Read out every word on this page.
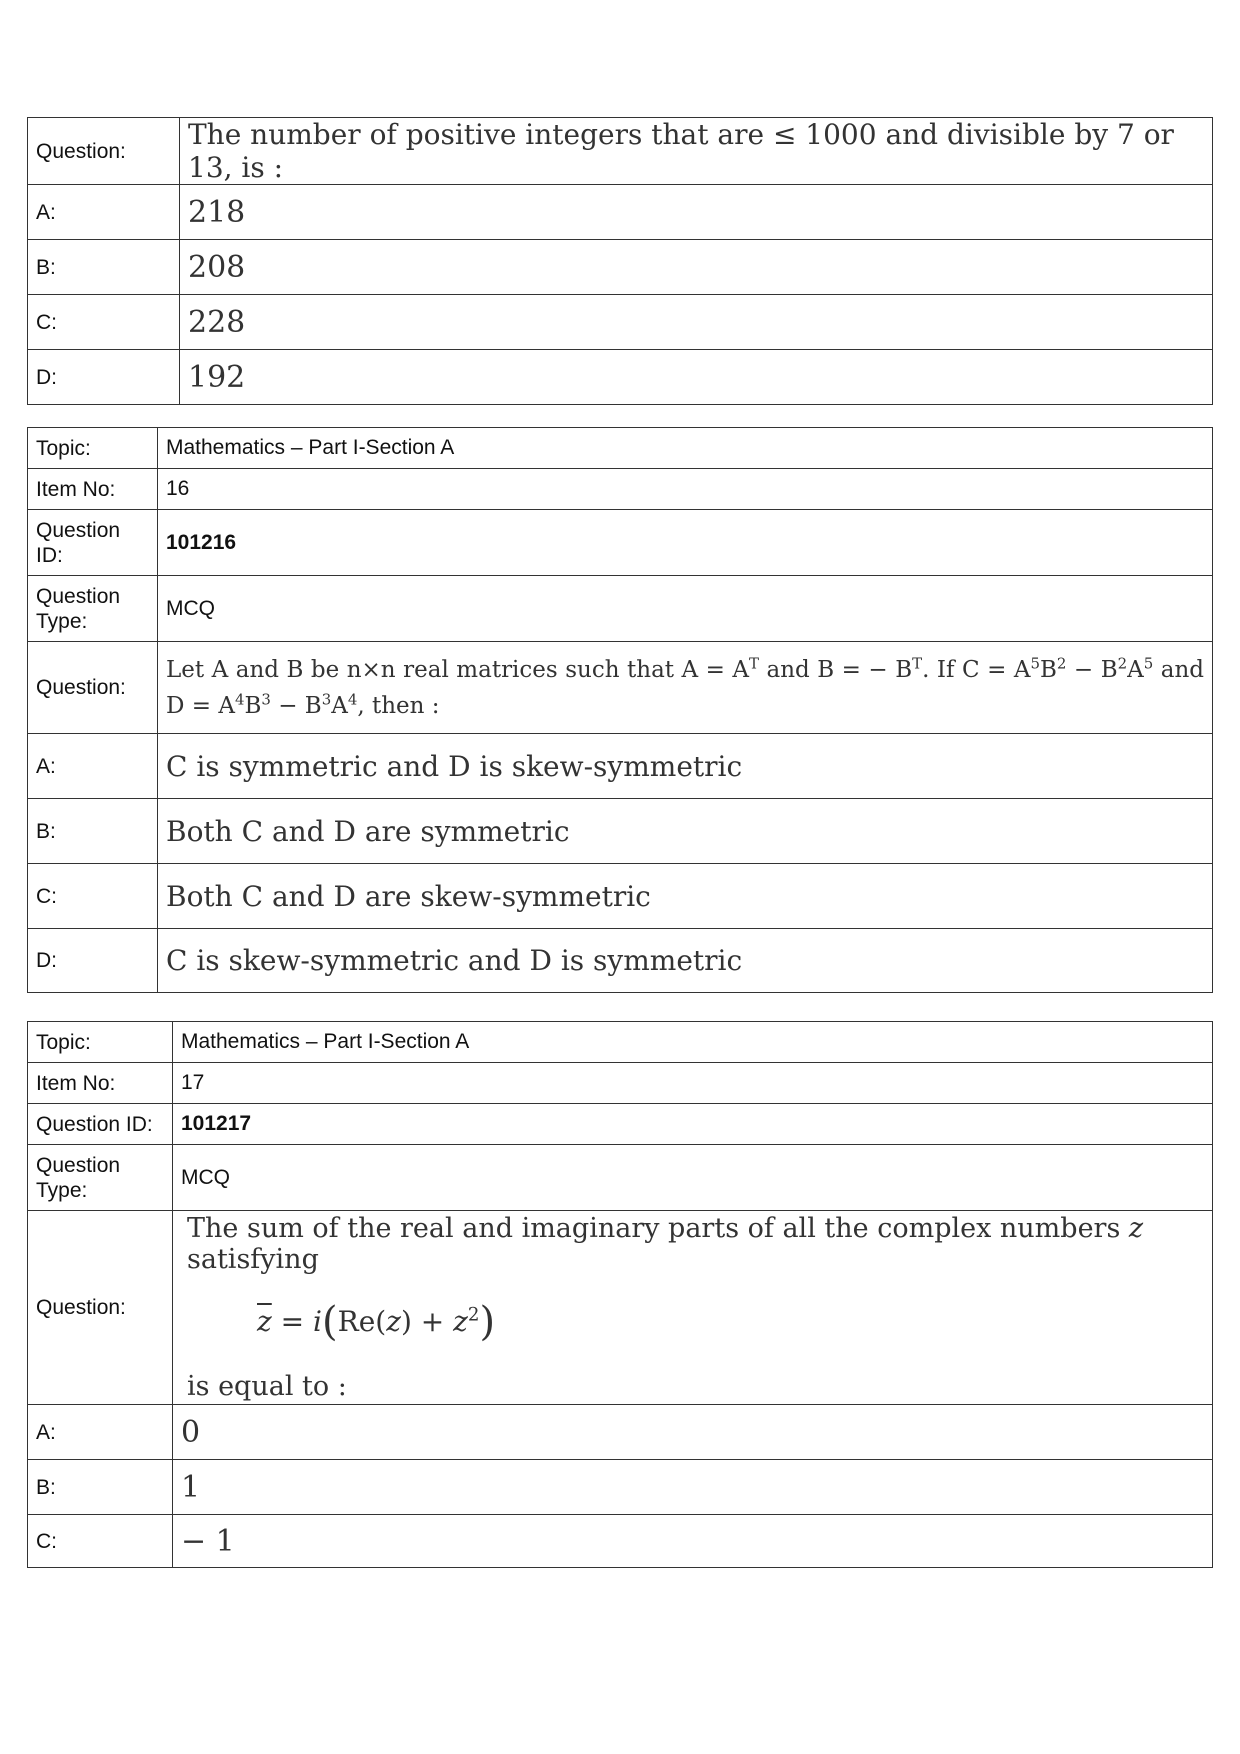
Question:	The number of positive integers that are ≤ 1000 and divisible by 7 or 13, is :
A:	218
B:	208
C:	228
D:	192
Topic:	Mathematics – Part I-Section A
Item No:	16
Question ID:	101216
Question Type:	MCQ
Question:	Let A and B be n×n real matrices such that $A = A^T$ and B = − $B^T$. If $C = A^5B^2 - B^2A^5$ and
$D = A^4B^3 - B^3A^4$, then :

A:	C is symmetric and D is skew-symmetric
B:	Both C and D are symmetric
C:	Both C and D are skew-symmetric
D:	C is skew-symmetric and D is symmetric
Topic:	Mathematics – Part I-Section A
Item No:	17
Question ID:	101217
Question Type:	MCQ
Question:	The sum of the real and imaginary parts of all the complex numbers z satisfying
$\overline{z} = i(Re(z) + z^2)$
is equal to :

A:	0
B:	1
C:	− 1
